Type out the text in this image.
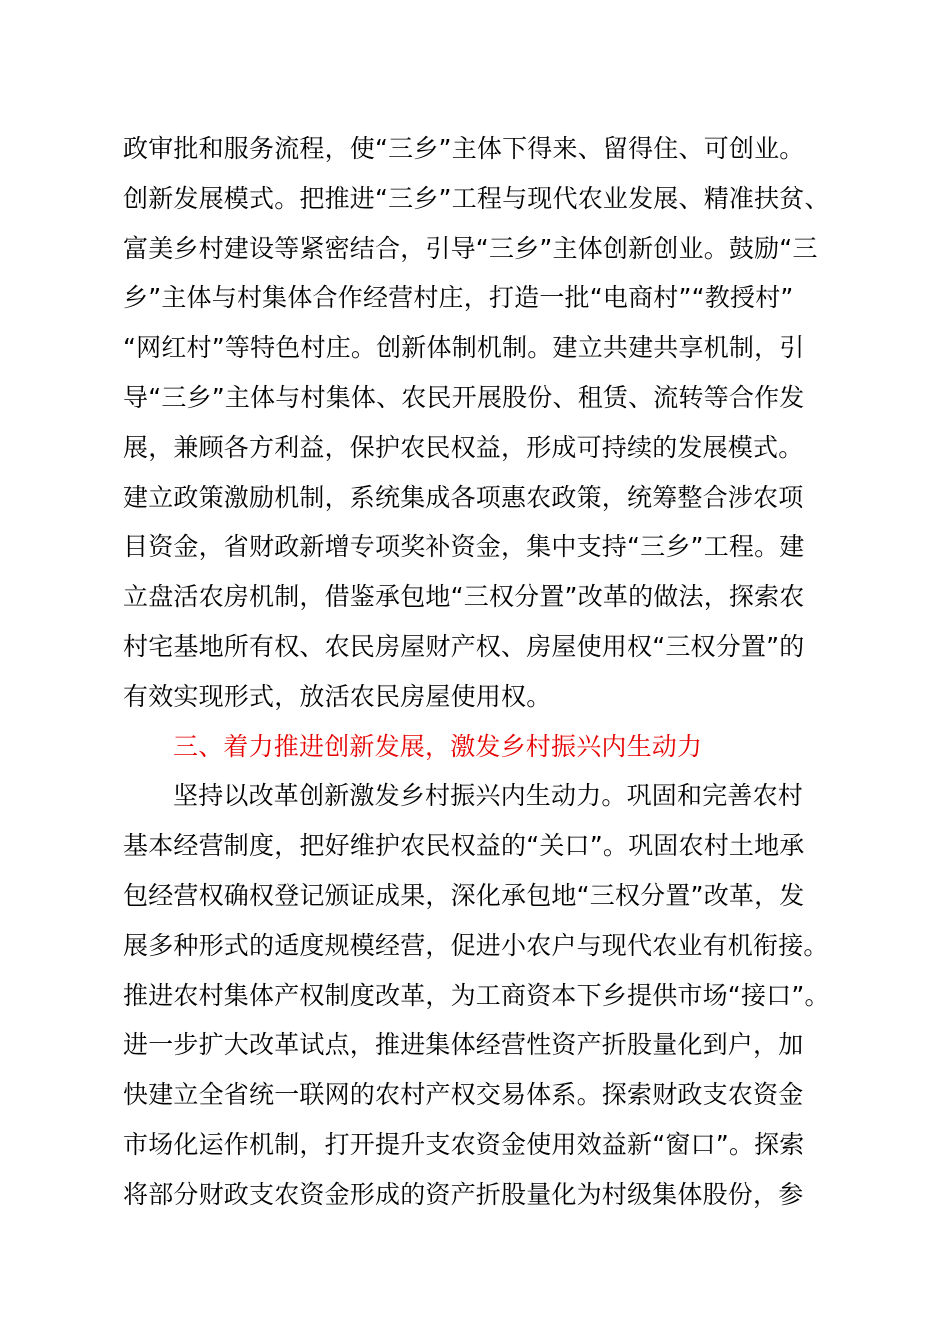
政审批和服务流程，使“三乡”主体下得来、留得住、可创业。
创新发展模式。把推进“三乡”工程与现代农业发展、精准扶贫、
富美乡村建设等紧密结合，引导“三乡”主体创新创业。鼓励“三
乡”主体与村集体合作经营村庄，打造一批“电商村”“教授村”
“网红村”等特色村庄。创新体制机制。建立共建共享机制，引
导“三乡”主体与村集体、农民开展股份、租赁、流转等合作发
展，兼顾各方利益，保护农民权益，形成可持续的发展模式。
建立政策激励机制，系统集成各项惠农政策，统筹整合涉农项
目资金，省财政新增专项奖补资金，集中支持“三乡”工程。建
立盘活农房机制，借鉴承包地“三权分置”改革的做法，探索农
村宅基地所有权、农民房屋财产权、房屋使用权“三权分置”的
有效实现形式，放活农民房屋使用权。
三、着力推进创新发展，激发乡村振兴内生动力
坚持以改革创新激发乡村振兴内生动力。巩固和完善农村
基本经营制度，把好维护农民权益的“关口”。巩固农村土地承
包经营权确权登记颁证成果，深化承包地“三权分置”改革，发
展多种形式的适度规模经营，促进小农户与现代农业有机衔接。
推进农村集体产权制度改革，为工商资本下乡提供市场“接口”。
进一步扩大改革试点，推进集体经营性资产折股量化到户，加
快建立全省统一联网的农村产权交易体系。探索财政支农资金
市场化运作机制，打开提升支农资金使用效益新“窗口”。探索
将部分财政支农资金形成的资产折股量化为村级集体股份，参
